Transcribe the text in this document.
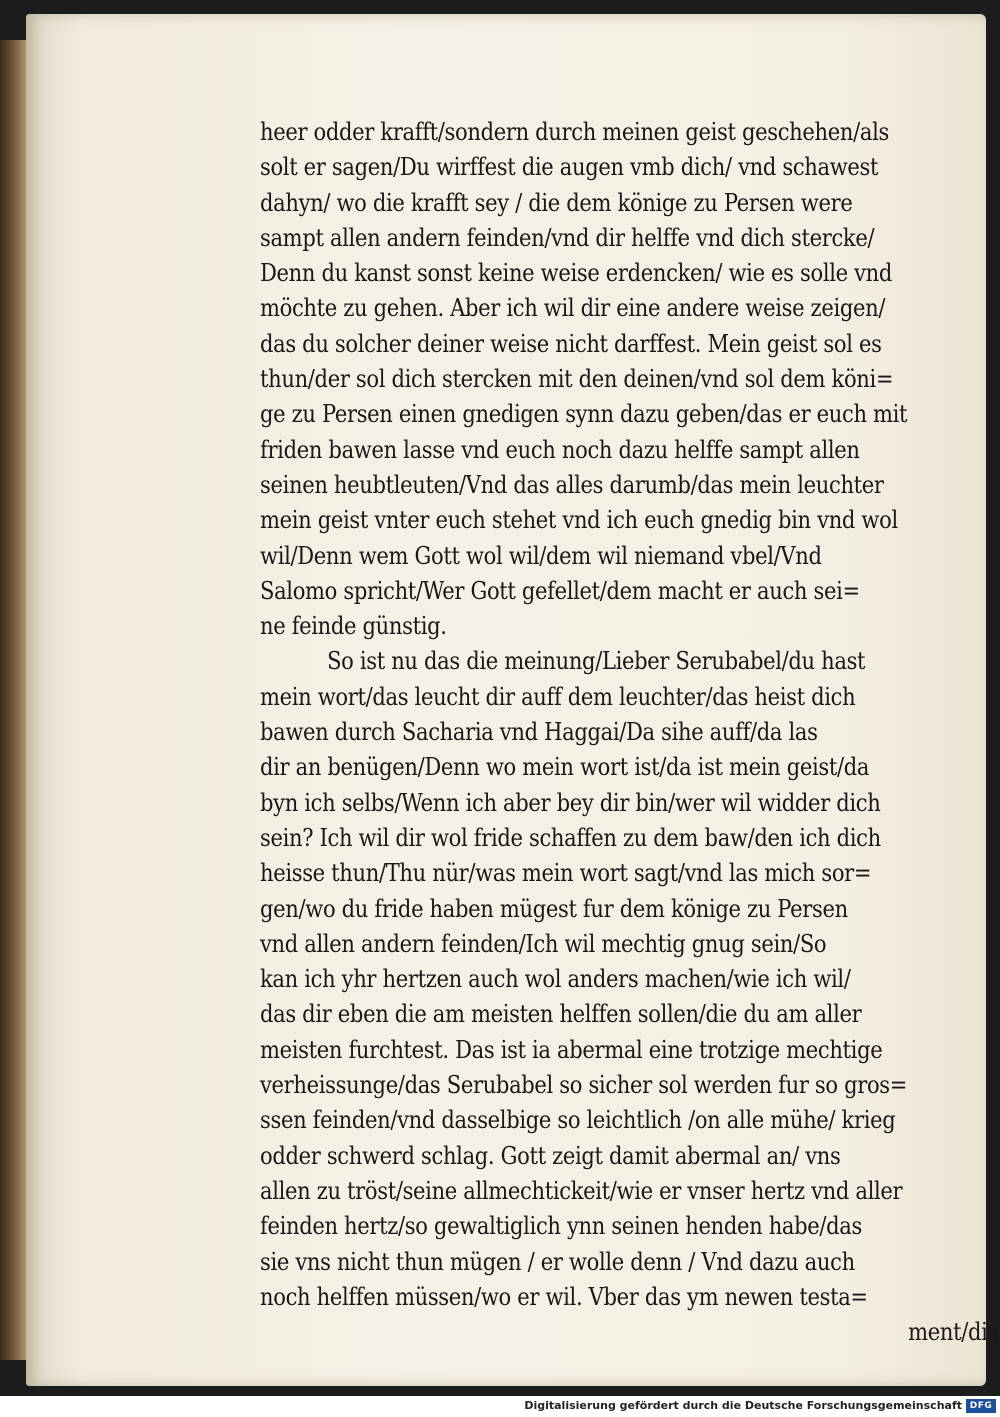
heer odder krafft/sondern durch meinen geist geschehen/als
solt er sagen/Du wirffest die augen vmb dich/ vnd schawest
dahyn/ wo die krafft sey / die dem könige zu Persen were
sampt allen andern feinden/vnd dir helffe vnd dich stercke/
Denn du kanst sonst keine weise erdencken/ wie es solle vnd
möchte zu gehen. Aber ich wil dir eine andere weise zeigen/
das du solcher deiner weise nicht darffest. Mein geist sol es
thun/der sol dich stercken mit den deinen/vnd sol dem köni=
ge zu Persen einen gnedigen synn dazu geben/das er euch mit
friden bawen lasse vnd euch noch dazu helffe sampt allen
seinen heubtleuten/Vnd das alles darumb/das mein leuchter
mein geist vnter euch stehet vnd ich euch gnedig bin vnd wol
wil/Denn wem Gott wol wil/dem wil niemand vbel/Vnd
Salomo spricht/Wer Gott gefellet/dem macht er auch sei=
ne feinde günstig.
So ist nu das die meinung/Lieber Serubabel/du hast
mein wort/das leucht dir auff dem leuchter/das heist dich
bawen durch Sacharia vnd Haggai/Da sihe auff/da las
dir an benügen/Denn wo mein wort ist/da ist mein geist/da
byn ich selbs/Wenn ich aber bey dir bin/wer wil widder dich
sein? Ich wil dir wol fride schaffen zu dem baw/den ich dich
heisse thun/Thu nür/was mein wort sagt/vnd las mich sor=
gen/wo du fride haben mügest fur dem könige zu Persen
vnd allen andern feinden/Ich wil mechtig gnug sein/So
kan ich yhr hertzen auch wol anders machen/wie ich wil/
das dir eben die am meisten helffen sollen/die du am aller
meisten furchtest. Das ist ia abermal eine trotzige mechtige
verheissunge/das Serubabel so sicher sol werden fur so gros=
ssen feinden/vnd dasselbige so leichtlich /on alle mühe/ krieg
odder schwerd schlag. Gott zeigt damit abermal an/ vns
allen zu tröst/seine allmechtickeit/wie er vnser hertz vnd aller
feinden hertz/so gewaltiglich ynn seinen henden habe/das
sie vns nicht thun mügen / er wolle denn / Vnd dazu auch
noch helffen müssen/wo er wil. Vber das ym newen testa=
ment/dis
Digitalisierung gefördert durch die Deutsche Forschungsgemeinschaft DFG
